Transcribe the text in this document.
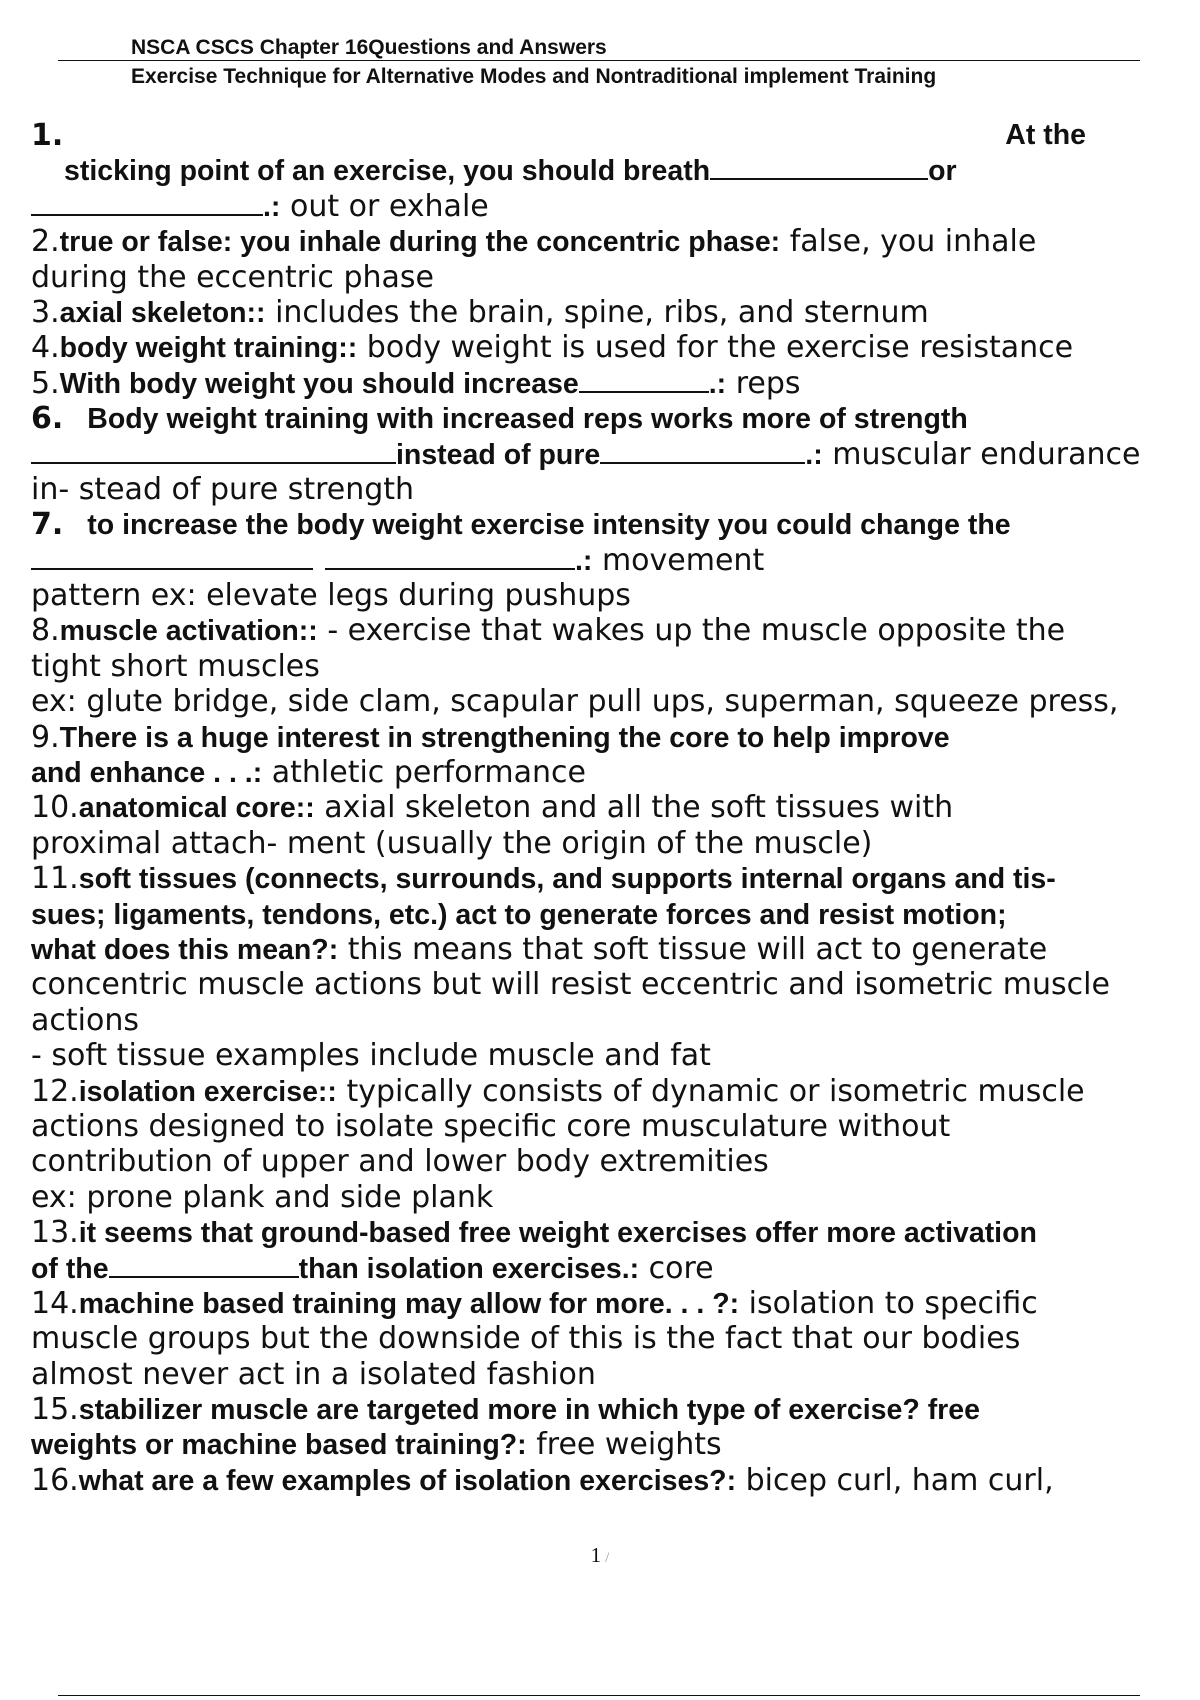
NSCA CSCS Chapter 16Questions and Answers
Exercise Technique for Alternative Modes and Nontraditional implement Training
1.	At the
sticking point of an exercise, you should breath	or
.: out or exhale
2.true or false: you inhale during the concentric phase: false, you inhale
during the eccentric phase
3.axial skeleton:: includes the brain, spine, ribs, and sternum
4.body weight training:: body weight is used for the exercise resistance
5.With body weight you should increase	.: reps
6. Body weight training with increased reps works more of strength
instead of pure	.: muscular endurance
in- stead of pure strength
7. to increase the body weight exercise intensity you could change the
.: movement
pattern ex: elevate legs during pushups
8.muscle activation:: - exercise that wakes up the muscle opposite the
tight short muscles
ex: glute bridge, side clam, scapular pull ups, superman, squeeze press,
9.There is a huge interest in strengthening the core to help improve
and enhance . . .: athletic performance
10.anatomical core:: axial skeleton and all the soft tissues with
proximal attach- ment (usually the origin of the muscle)
11.soft tissues (connects, surrounds, and supports internal organs and tis-
sues; ligaments, tendons, etc.) act to generate forces and resist motion;
what does this mean?: this means that soft tissue will act to generate
concentric muscle actions but will resist eccentric and isometric muscle
actions
- soft tissue examples include muscle and fat
12.isolation exercise:: typically consists of dynamic or isometric muscle
actions designed to isolate specific core musculature without
contribution of upper and lower body extremities
ex: prone plank and side plank
13.it seems that ground-based free weight exercises offer more activation
of the	than isolation exercises.: core
14.machine based training may allow for more. . . ?: isolation to specific
muscle groups but the downside of this is the fact that our bodies
almost never act in a isolated fashion
15.stabilizer muscle are targeted more in which type of exercise? free
weights or machine based training?: free weights
16.what are a few examples of isolation exercises?: bicep curl, ham curl,
1 /
